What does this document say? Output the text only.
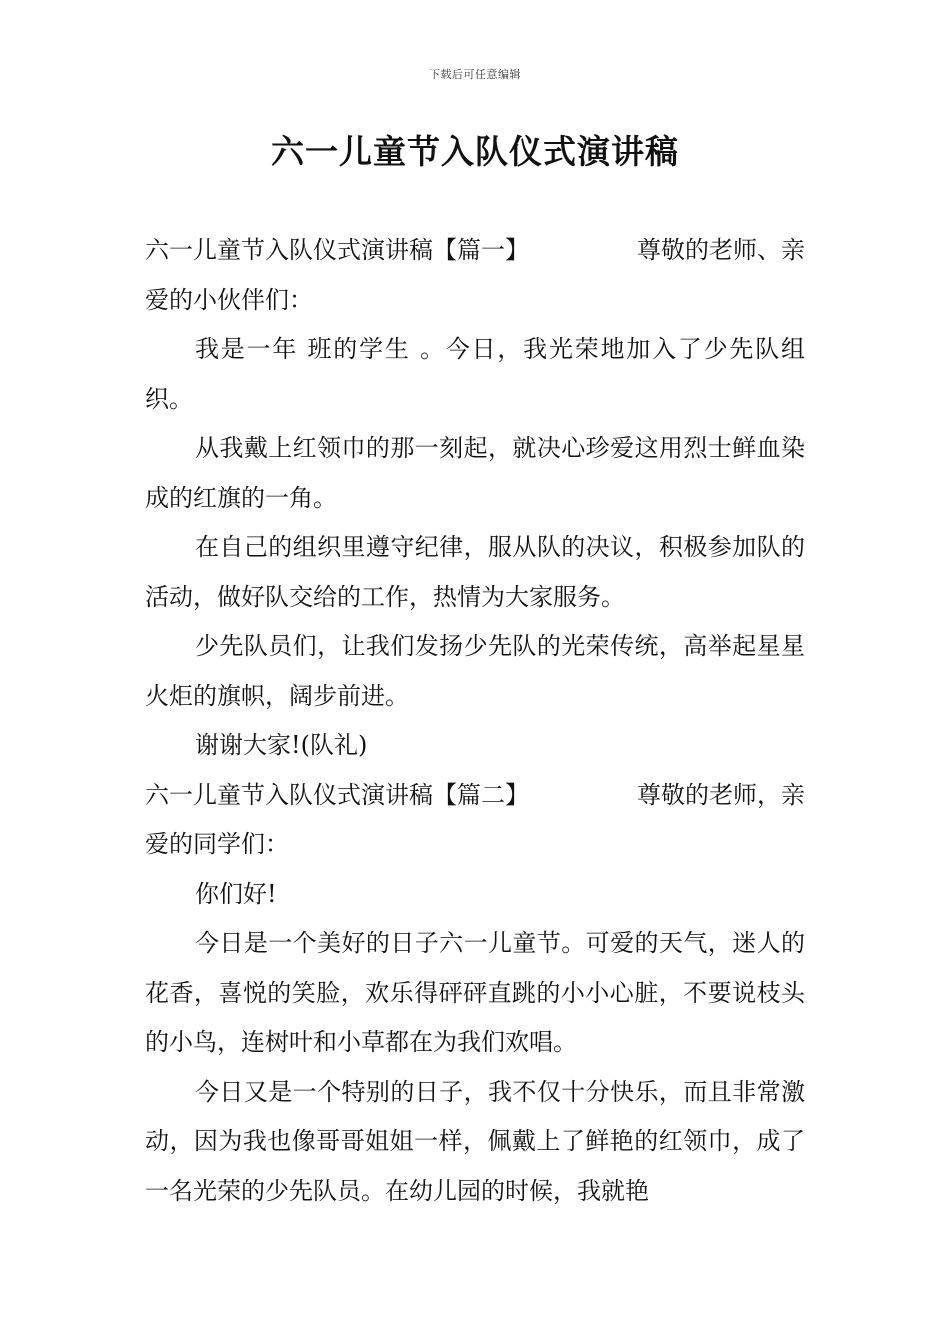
下载后可任意编辑
六一儿童节入队仪式演讲稿
六一儿童节入队仪式演讲稿【篇一】	尊敬的老师、亲

爱的小伙伴们：

我是一年 班的学生 。今日，我光荣地加入了少先队组织。

从我戴上红领巾的那一刻起，就决心珍爱这用烈士鲜血染成的红旗的一角。

在自己的组织里遵守纪律，服从队的决议，积极参加队的活动，做好队交给的工作，热情为大家服务。

少先队员们，让我们发扬少先队的光荣传统，高举起星星火炬的旗帜，阔步前进。

谢谢大家!(队礼)

六一儿童节入队仪式演讲稿【篇二】	尊敬的老师，亲

爱的同学们：

你们好!

今日是一个美好的日子六一儿童节。可爱的天气，迷人的花香，喜悦的笑脸，欢乐得砰砰直跳的小小心脏，不要说枝头的小鸟，连树叶和小草都在为我们欢唱。

今日又是一个特别的日子，我不仅十分快乐，而且非常激动，因为我也像哥哥姐姐一样，佩戴上了鲜艳的红领巾，成了一名光荣的少先队员。在幼儿园的时候，我就艳
